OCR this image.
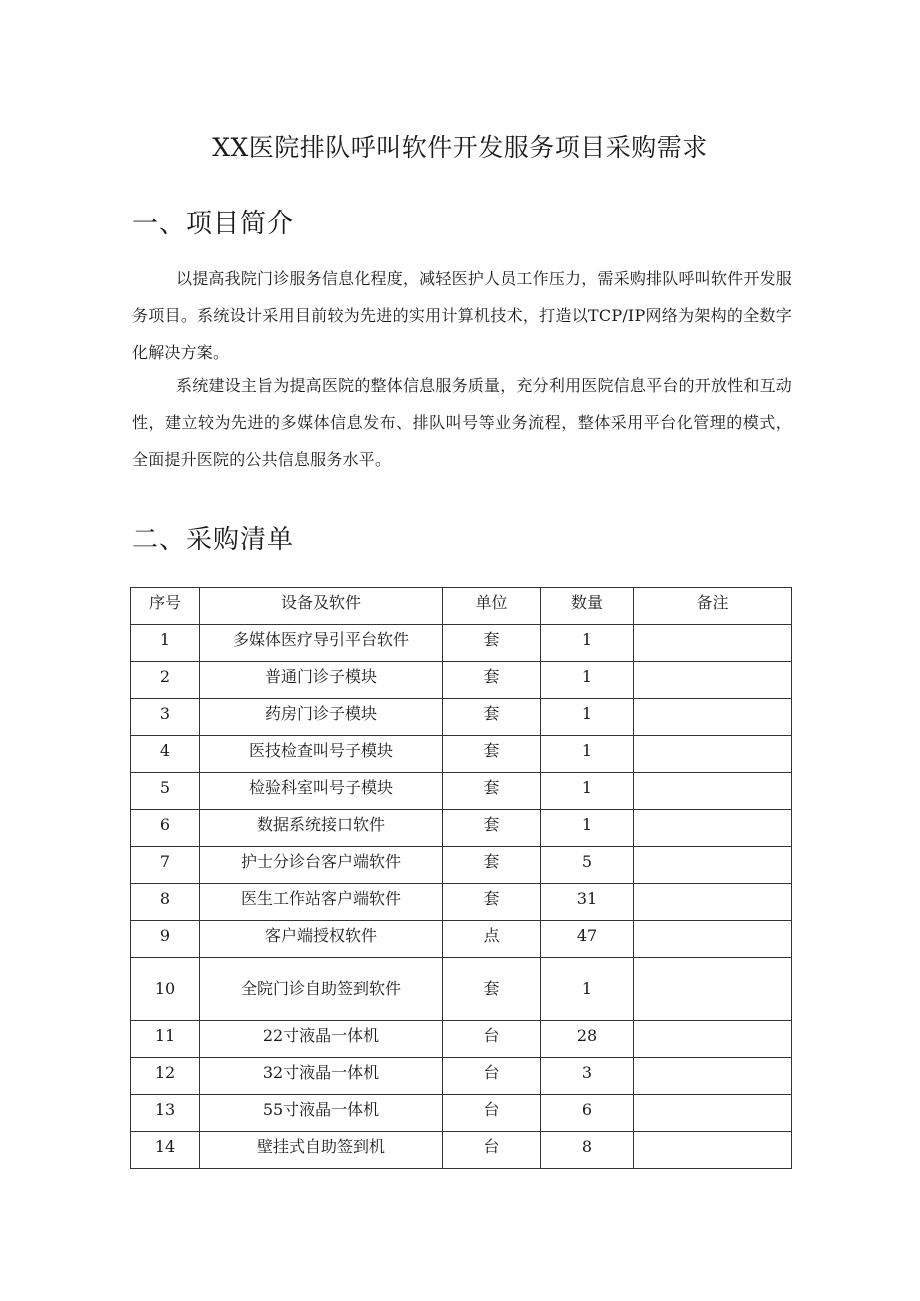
XX医院排队呼叫软件开发服务项目采购需求
一、项目简介

以提高我院门诊服务信息化程度，减轻医护人员工作压力，需采购排队呼叫软件开发服务项目。系统设计采用目前较为先进的实用计算机技术，打造以TCP/IP网络为架构的全数字化解决方案。

系统建设主旨为提高医院的整体信息服务质量，充分利用医院信息平台的开放性和互动性，建立较为先进的多媒体信息发布、排队叫号等业务流程，整体采用平台化管理的模式，全面提升医院的公共信息服务水平。

二、采购清单
序号	设备及软件	单位	数量	备注
1	多媒体医疗导引平台软件	套	1	
2	普通门诊子模块	套	1	
3	药房门诊子模块	套	1	
4	医技检查叫号子模块	套	1	
5	检验科室叫号子模块	套	1	
6	数据系统接口软件	套	1	
7	护士分诊台客户端软件	套	5	
8	医生工作站客户端软件	套	31	
9	客户端授权软件	点	47	
10	全院门诊自助签到软件	套	1	
11	22寸液晶一体机	台	28	
12	32寸液晶一体机	台	3	
13	55寸液晶一体机	台	6	
14	壁挂式自助签到机	台	8	
